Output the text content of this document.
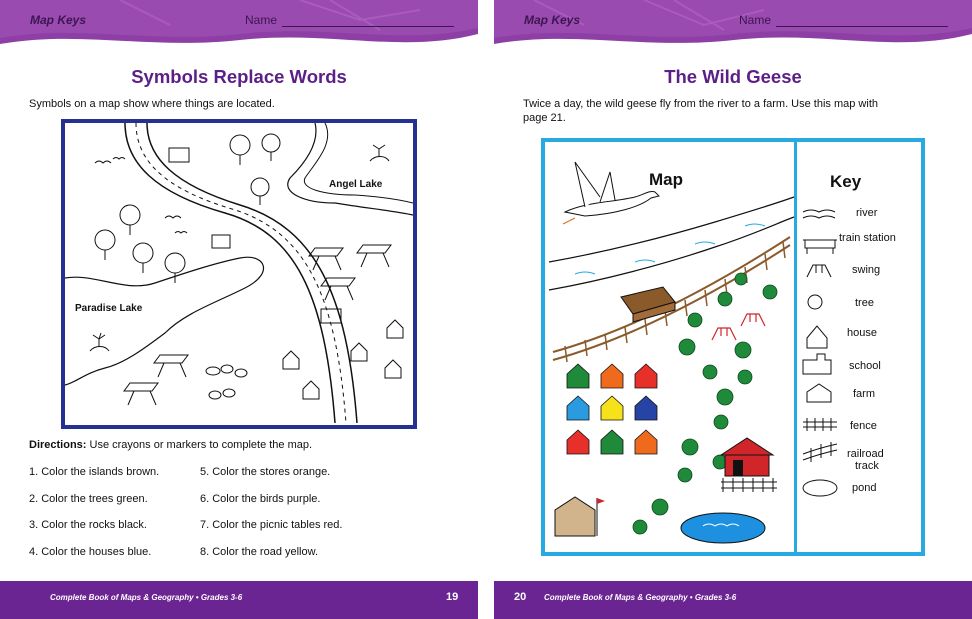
Map Keys	Name
Symbols Replace Words
Symbols on a map show where things are located.
Angel Lake
Paradise Lake
Directions: Use crayons or markers to complete the map.
1. Color the islands brown.
2. Color the trees green.
3. Color the rocks black.
4. Color the houses blue.
5. Color the stores orange.
6. Color the birds purple.
7. Color the picnic tables red.
8. Color the road yellow.
Complete Book of Maps & Geography • Grades 3-6	19
Map Keys	Name
The Wild Geese
Twice a day, the wild geese fly from the river to a farm. Use this map with
page 21.
Map	Key
river
train station
swing
tree
house
school
farm
fence
railroad
track
pond
20 Complete Book of Maps & Geography • Grades 3-6
